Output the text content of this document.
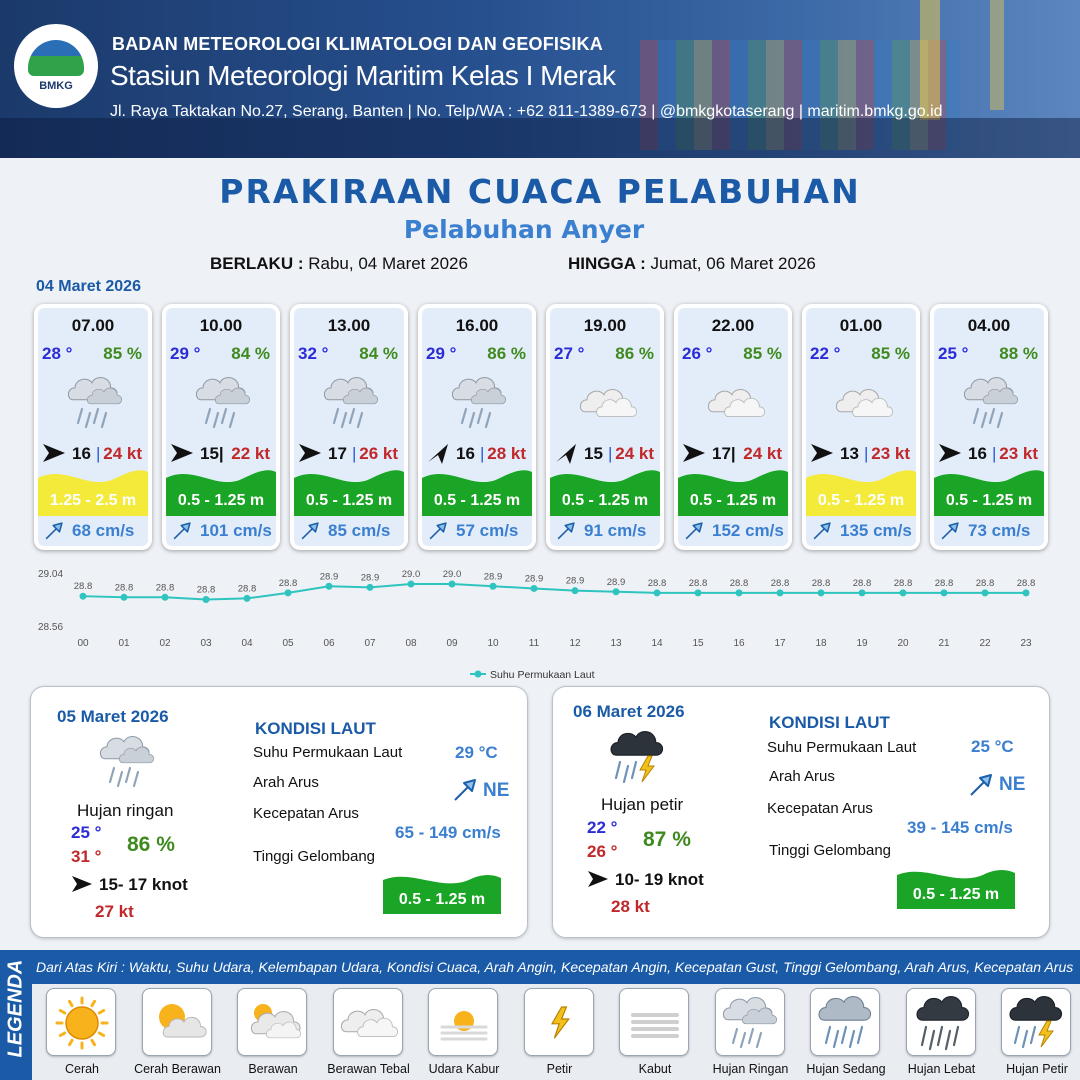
BMKG
BADAN METEOROLOGI KLIMATOLOGI DAN GEOFISIKA
Stasiun Meteorologi Maritim Kelas I Merak
Jl. Raya Taktakan No.27, Serang, Banten | No. Telp/WA : +62 811-1389-673 | @bmkgkotaserang | maritim.bmkg.go.id
PRAKIRAAN CUACA PELABUHAN
Pelabuhan Anyer
BERLAKU : Rabu, 04 Maret 2026	HINGGA : Jumat, 06 Maret 2026
04 Maret 2026
07.00
28 ° 85 %
16 | 24 kt
1.25 - 2.5 m
68 cm/s
10.00
29 ° 84 %
15| 22 kt
0.5 - 1.25 m
101 cm/s
13.00
32 ° 84 %
17 | 26 kt
0.5 - 1.25 m
85 cm/s
16.00
29 ° 86 %
16 | 28 kt
0.5 - 1.25 m
57 cm/s
19.00
27 ° 86 %
15 | 24 kt
0.5 - 1.25 m
91 cm/s
22.00
26 ° 85 %
17| 24 kt
0.5 - 1.25 m
152 cm/s
01.00
22 ° 85 %
13 | 23 kt
0.5 - 1.25 m
135 cm/s
04.00
25 ° 88 %
16 | 23 kt
0.5 - 1.25 m
73 cm/s
29.04
28.56
28.8
00
28.8
01
28.8
02
28.8
03
28.8
04
28.8
05
28.9
06
28.9
07
29.0
08
29.0
09
28.9
10
28.9
11
28.9
12
28.9
13
28.8
14
28.8
15
28.8
16
28.8
17
28.8
18
28.8
19
28.8
20
28.8
21
28.8
22
28.8
23
Suhu Permukaan Laut
05 Maret 2026
Hujan ringan
25 °
31 °
86 %
15- 17 knot
27 kt
KONDISI LAUT
Suhu Permukaan Laut	29 °C
Arah Arus	NE
Kecepatan Arus
65 - 149 cm/s
Tinggi Gelombang
0.5 - 1.25 m
06 Maret 2026
Hujan petir
22 °
26 °
87 %
10- 19 knot
28 kt
KONDISI LAUT
Suhu Permukaan Laut	25 °C
Arah Arus	NE
Kecepatan Arus
39 - 145 cm/s
Tinggi Gelombang
0.5 - 1.25 m
LEGENDA Dari Atas Kiri : Waktu, Suhu Udara, Kelembapan Udara, Kondisi Cuaca, Arah Angin, Kecepatan Angin, Kecepatan Gust, Tinggi Gelombang, Arah Arus, Kecepatan Arus
Cerah	Cerah Berawan	Berawan	Berawan Tebal	Udara Kabur	Petir	Kabut	Hujan Ringan	Hujan Sedang	Hujan Lebat	Hujan Petir
